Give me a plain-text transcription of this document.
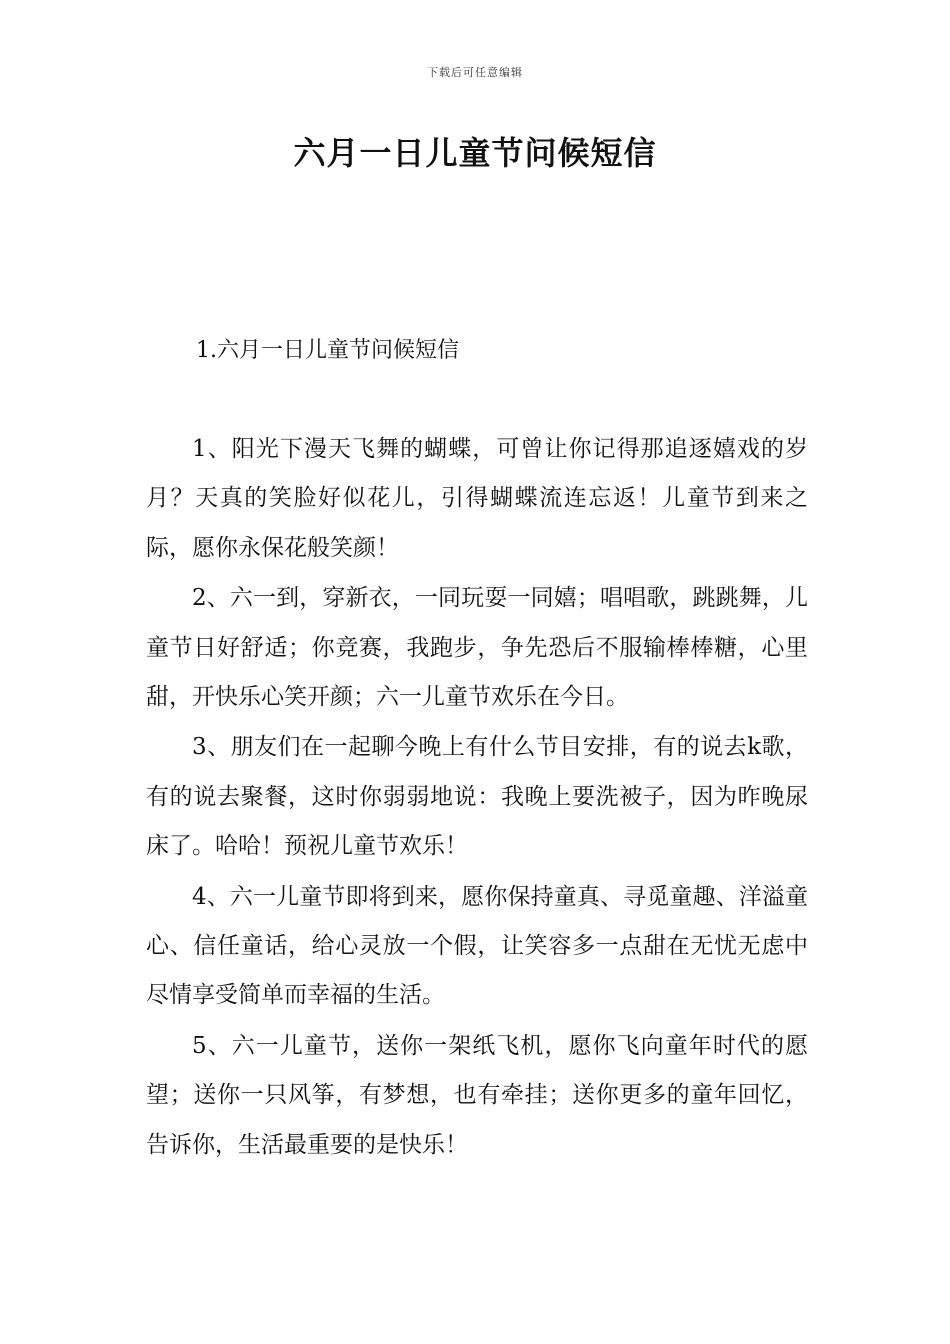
下载后可任意编辑
六月一日儿童节问候短信
1.六月一日儿童节问候短信

1、阳光下漫天飞舞的蝴蝶，可曾让你记得那追逐嬉戏的岁月？天真的笑脸好似花儿，引得蝴蝶流连忘返！儿童节到来之际，愿你永保花般笑颜！

2、六一到，穿新衣，一同玩耍一同嬉；唱唱歌，跳跳舞，儿童节日好舒适；你竞赛，我跑步，争先恐后不服输棒棒糖，心里甜，开快乐心笑开颜；六一儿童节欢乐在今日。

3、朋友们在一起聊今晚上有什么节目安排，有的说去k歌，有的说去聚餐，这时你弱弱地说：我晚上要洗被子，因为昨晚尿床了。哈哈！预祝儿童节欢乐！

4、六一儿童节即将到来，愿你保持童真、寻觅童趣、洋溢童心、信任童话，给心灵放一个假，让笑容多一点甜在无忧无虑中尽情享受简单而幸福的生活。

5、六一儿童节，送你一架纸飞机，愿你飞向童年时代的愿望；送你一只风筝，有梦想，也有牵挂；送你更多的童年回忆，告诉你，生活最重要的是快乐！
